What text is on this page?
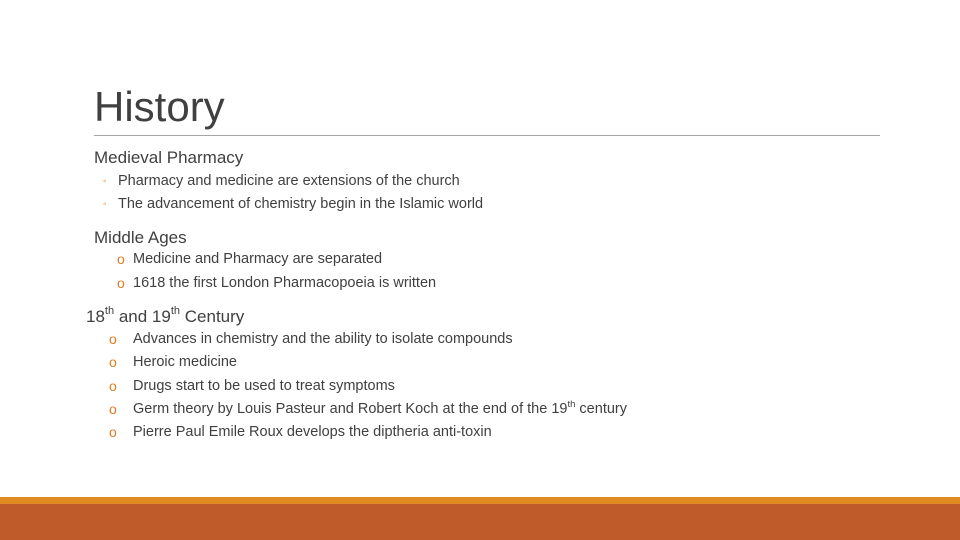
History
Medieval Pharmacy
◦ Pharmacy and medicine are extensions of the church
◦ The advancement of chemistry begin in the Islamic world
Middle Ages
o Medicine and Pharmacy are separated
o 1618 the first London Pharmacopoeia is written
18th and 19th Century
o Advances in chemistry and the ability to isolate compounds
o Heroic medicine
o Drugs start to be used to treat symptoms
o Germ theory by Louis Pasteur and Robert Koch at the end of the 19th century
o Pierre Paul Emile Roux develops the diptheria anti-toxin
